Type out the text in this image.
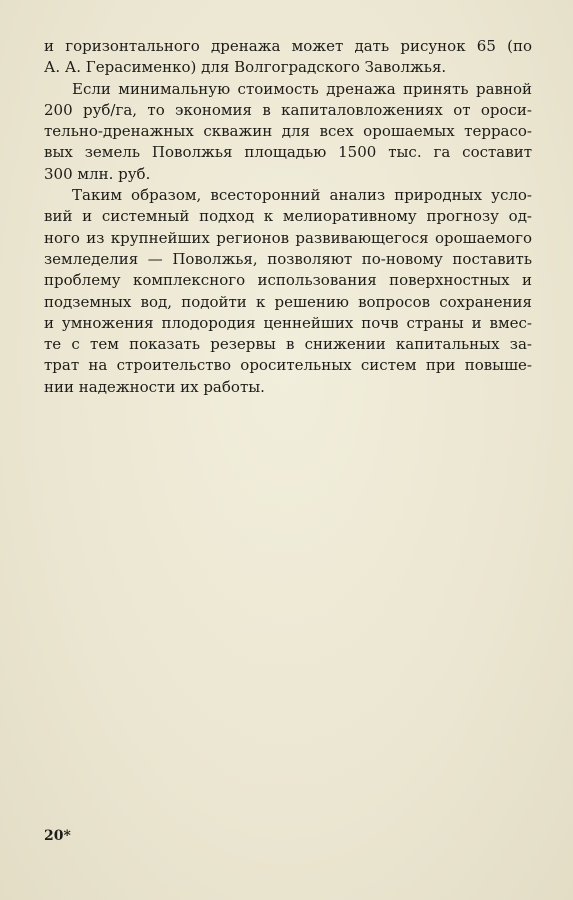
и горизонтального дренажа может дать рисунок 65 (по
А. А. Герасименко) для Волгоградского Заволжья.
Если минимальную стоимость дренажа принять равной
200 руб/га, то экономия в капиталовложениях от ороси-
тельно-дренажных скважин для всех орошаемых террасо-
вых земель Поволжья площадью 1500 тыс. га составит
300 млн. руб.
Таким образом, всесторонний анализ природных усло-
вий и системный подход к мелиоративному прогнозу од-
ного из крупнейших регионов развивающегося орошаемого
земледелия — Поволжья, позволяют по-новому поставить
проблему комплексного использования поверхностных и
подземных вод, подойти к решению вопросов сохранения
и умножения плодородия ценнейших почв страны и вмес-
те с тем показать резервы в снижении капитальных за-
трат на строительство оросительных систем при повыше-
нии надежности их работы.
20*
